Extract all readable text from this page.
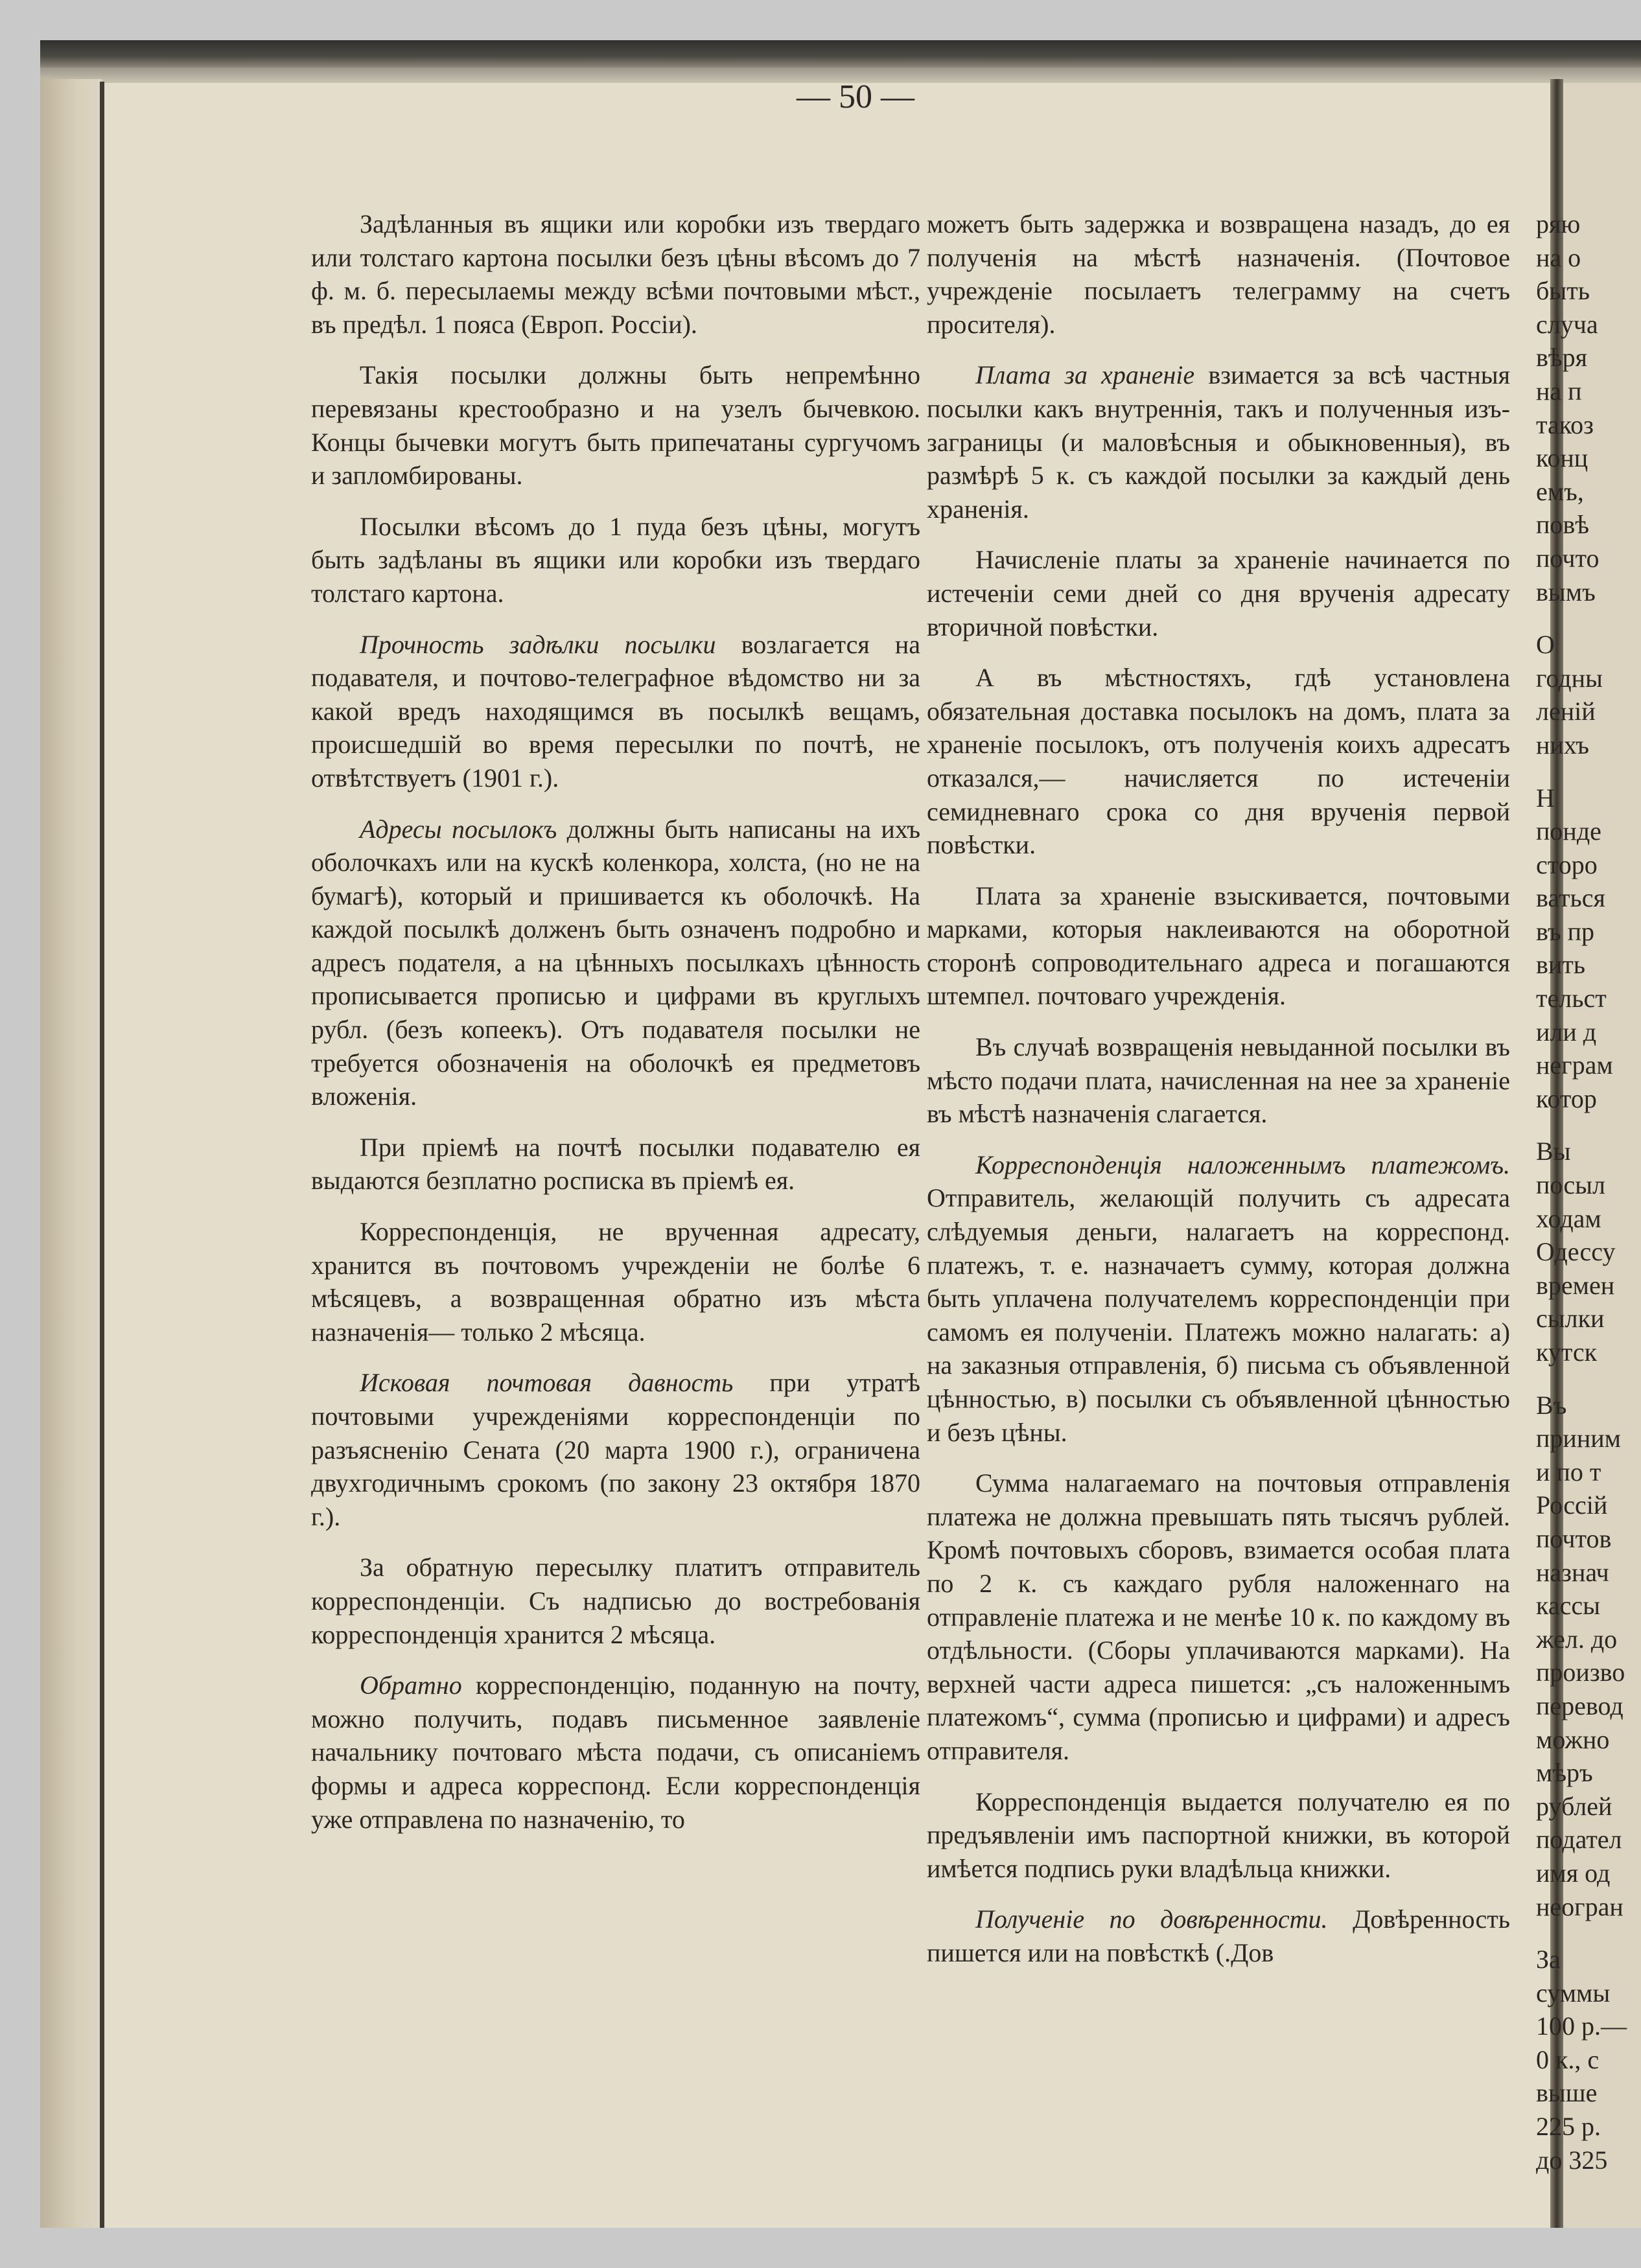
— 50 —

Задѣланныя въ ящики или коробки изъ твердаго или толстаго картона посылки безъ цѣны вѣсомъ до 7 ф. м. б. пересылаемы между всѣми почтовыми мѣст., въ предѣл. 1 пояса (Европ. Россiи).

Такiя посылки должны быть непремѣнно перевязаны крестообразно и на узелъ бычевкою. Концы бычевки могутъ быть припечатаны сургучомъ и запломбированы.

Посылки вѣсомъ до 1 пуда безъ цѣны, могутъ быть задѣланы въ ящики или коробки изъ твердаго толстаго картона.

Прочность задѣлки посылки возлагается на подавателя, и почтово-телеграфное вѣдомство ни за какой вредъ находящимся въ посылкѣ вещамъ, происшедшiй во время пересылки по почтѣ, не отвѣтствуетъ (1901 г.).

Адресы посылокъ должны быть написаны на ихъ оболочкахъ или на кускѣ коленкора, холста, (но не на бумагѣ), который и пришивается къ оболочкѣ. На каждой посылкѣ долженъ быть означенъ подробно и адресъ подателя, а на цѣнныхъ посылкахъ цѣнность прописывается прописью и цифрами въ круглыхъ рубл. (безъ копеекъ). Отъ подавателя посылки не требуется обозначенiя на оболочкѣ ея предметовъ вложенiя.

При прiемѣ на почтѣ посылки подавателю ея выдаются безплатно росписка въ прiемѣ ея.

Корреспонденцiя, не врученная адресату, хранится въ почтовомъ учрежденiи не болѣе 6 мѣсяцевъ, а возвращенная обратно изъ мѣста назначенiя— только 2 мѣсяца.

Исковая почтовая давность при утратѣ почтовыми учрежденiями корреспонденцiи по разъясненiю Сената (20 марта 1900 г.), ограничена двухгодичнымъ срокомъ (по закону 23 октября 1870 г.).

За обратную пересылку платитъ отправитель корреспонденцiи. Съ надписью до востребованiя корреспонденцiя хранится 2 мѣсяца.

Обратно корреспонденцiю, поданную на почту, можно получить, подавъ письменное заявленiе начальнику почтоваго мѣста подачи, съ описанiемъ формы и адреса корреспонд. Если корреспонденцiя уже отправлена по назначенiю, то

можетъ быть задержка и возвращена назадъ, до ея полученiя на мѣстѣ назначенiя. (Почтовое учрежденiе посылаетъ телеграмму на счетъ просителя).

Плата за храненiе взимается за всѣ частныя посылки какъ внутреннiя, такъ и полученныя изъ-заграницы (и маловѣсныя и обыкновенныя), въ размѣрѣ 5 к. съ каждой посылки за каждый день храненiя.

Начисленiе платы за храненiе начинается по истеченiи семи дней со дня врученiя адресату вторичной повѣстки.

А въ мѣстностяхъ, гдѣ установлена обязательная доставка посылокъ на домъ, плата за храненiе посылокъ, отъ полученiя коихъ адресатъ отказался,— начисляется по истеченiи семидневнаго срока со дня врученiя первой повѣстки.

Плата за храненiе взыскивается, почтовыми марками, которыя наклеиваются на оборотной сторонѣ сопроводительнаго адреса и погашаются штемпел. почтоваго учрежденiя.

Въ случаѣ возвращенiя невыданной посылки въ мѣсто подачи плата, начисленная на нее за храненiе въ мѣстѣ назначенiя слагается.

Корреспонденцiя наложеннымъ платежомъ. Отправитель, желающiй получить съ адресата слѣдуемыя деньги, налагаетъ на корреспонд. платежъ, т. е. назначаетъ сумму, которая должна быть уплачена получателемъ корреспонденцiи при самомъ ея полученiи. Платежъ можно налагать: а) на заказныя отправленiя, б) письма съ объявленной цѣнностью, в) посылки съ объявленной цѣнностью и безъ цѣны.

Сумма налагаемаго на почтовыя отправленiя платежа не должна превышать пять тысячъ рублей. Кромѣ почтовыхъ сборовъ, взимается особая плата по 2 к. съ каждаго рубля наложеннаго на отправленiе платежа и не менѣе 10 к. по каждому въ отдѣльности. (Сборы уплачиваются марками). На верхней части адреса пишется: „съ наложеннымъ платежомъ“, сумма (прописью и цифрами) и адресъ отправителя.

Корреспонденцiя выдается получателю ея по предъявленiи имъ паспортной книжки, въ которой имѣется подпись руки владѣльца книжки.

Полученiе по довѣренности. Довѣренность пишется или на повѣсткѣ (.Дов

ряю
на о
быть
случа
вѣря
на п
такоз
конц
емъ,
повѣ
почто
вымъ

О
годны
леній
нихъ

Н
понде
сторо
ваться
въ пр
вить
тельст
или д
неграм
котор

Вы
посыл
ходам
Одессу
времен
сылки
кутск

Въ
приним
и по т
Россій
почтов
назнач
кассы
жел. до
произво
перевод
можно
мѣръ
рублей
подател
имя од
неогран

За
суммы
100 р.—
0 к., с
выше
225 р.
до 325
